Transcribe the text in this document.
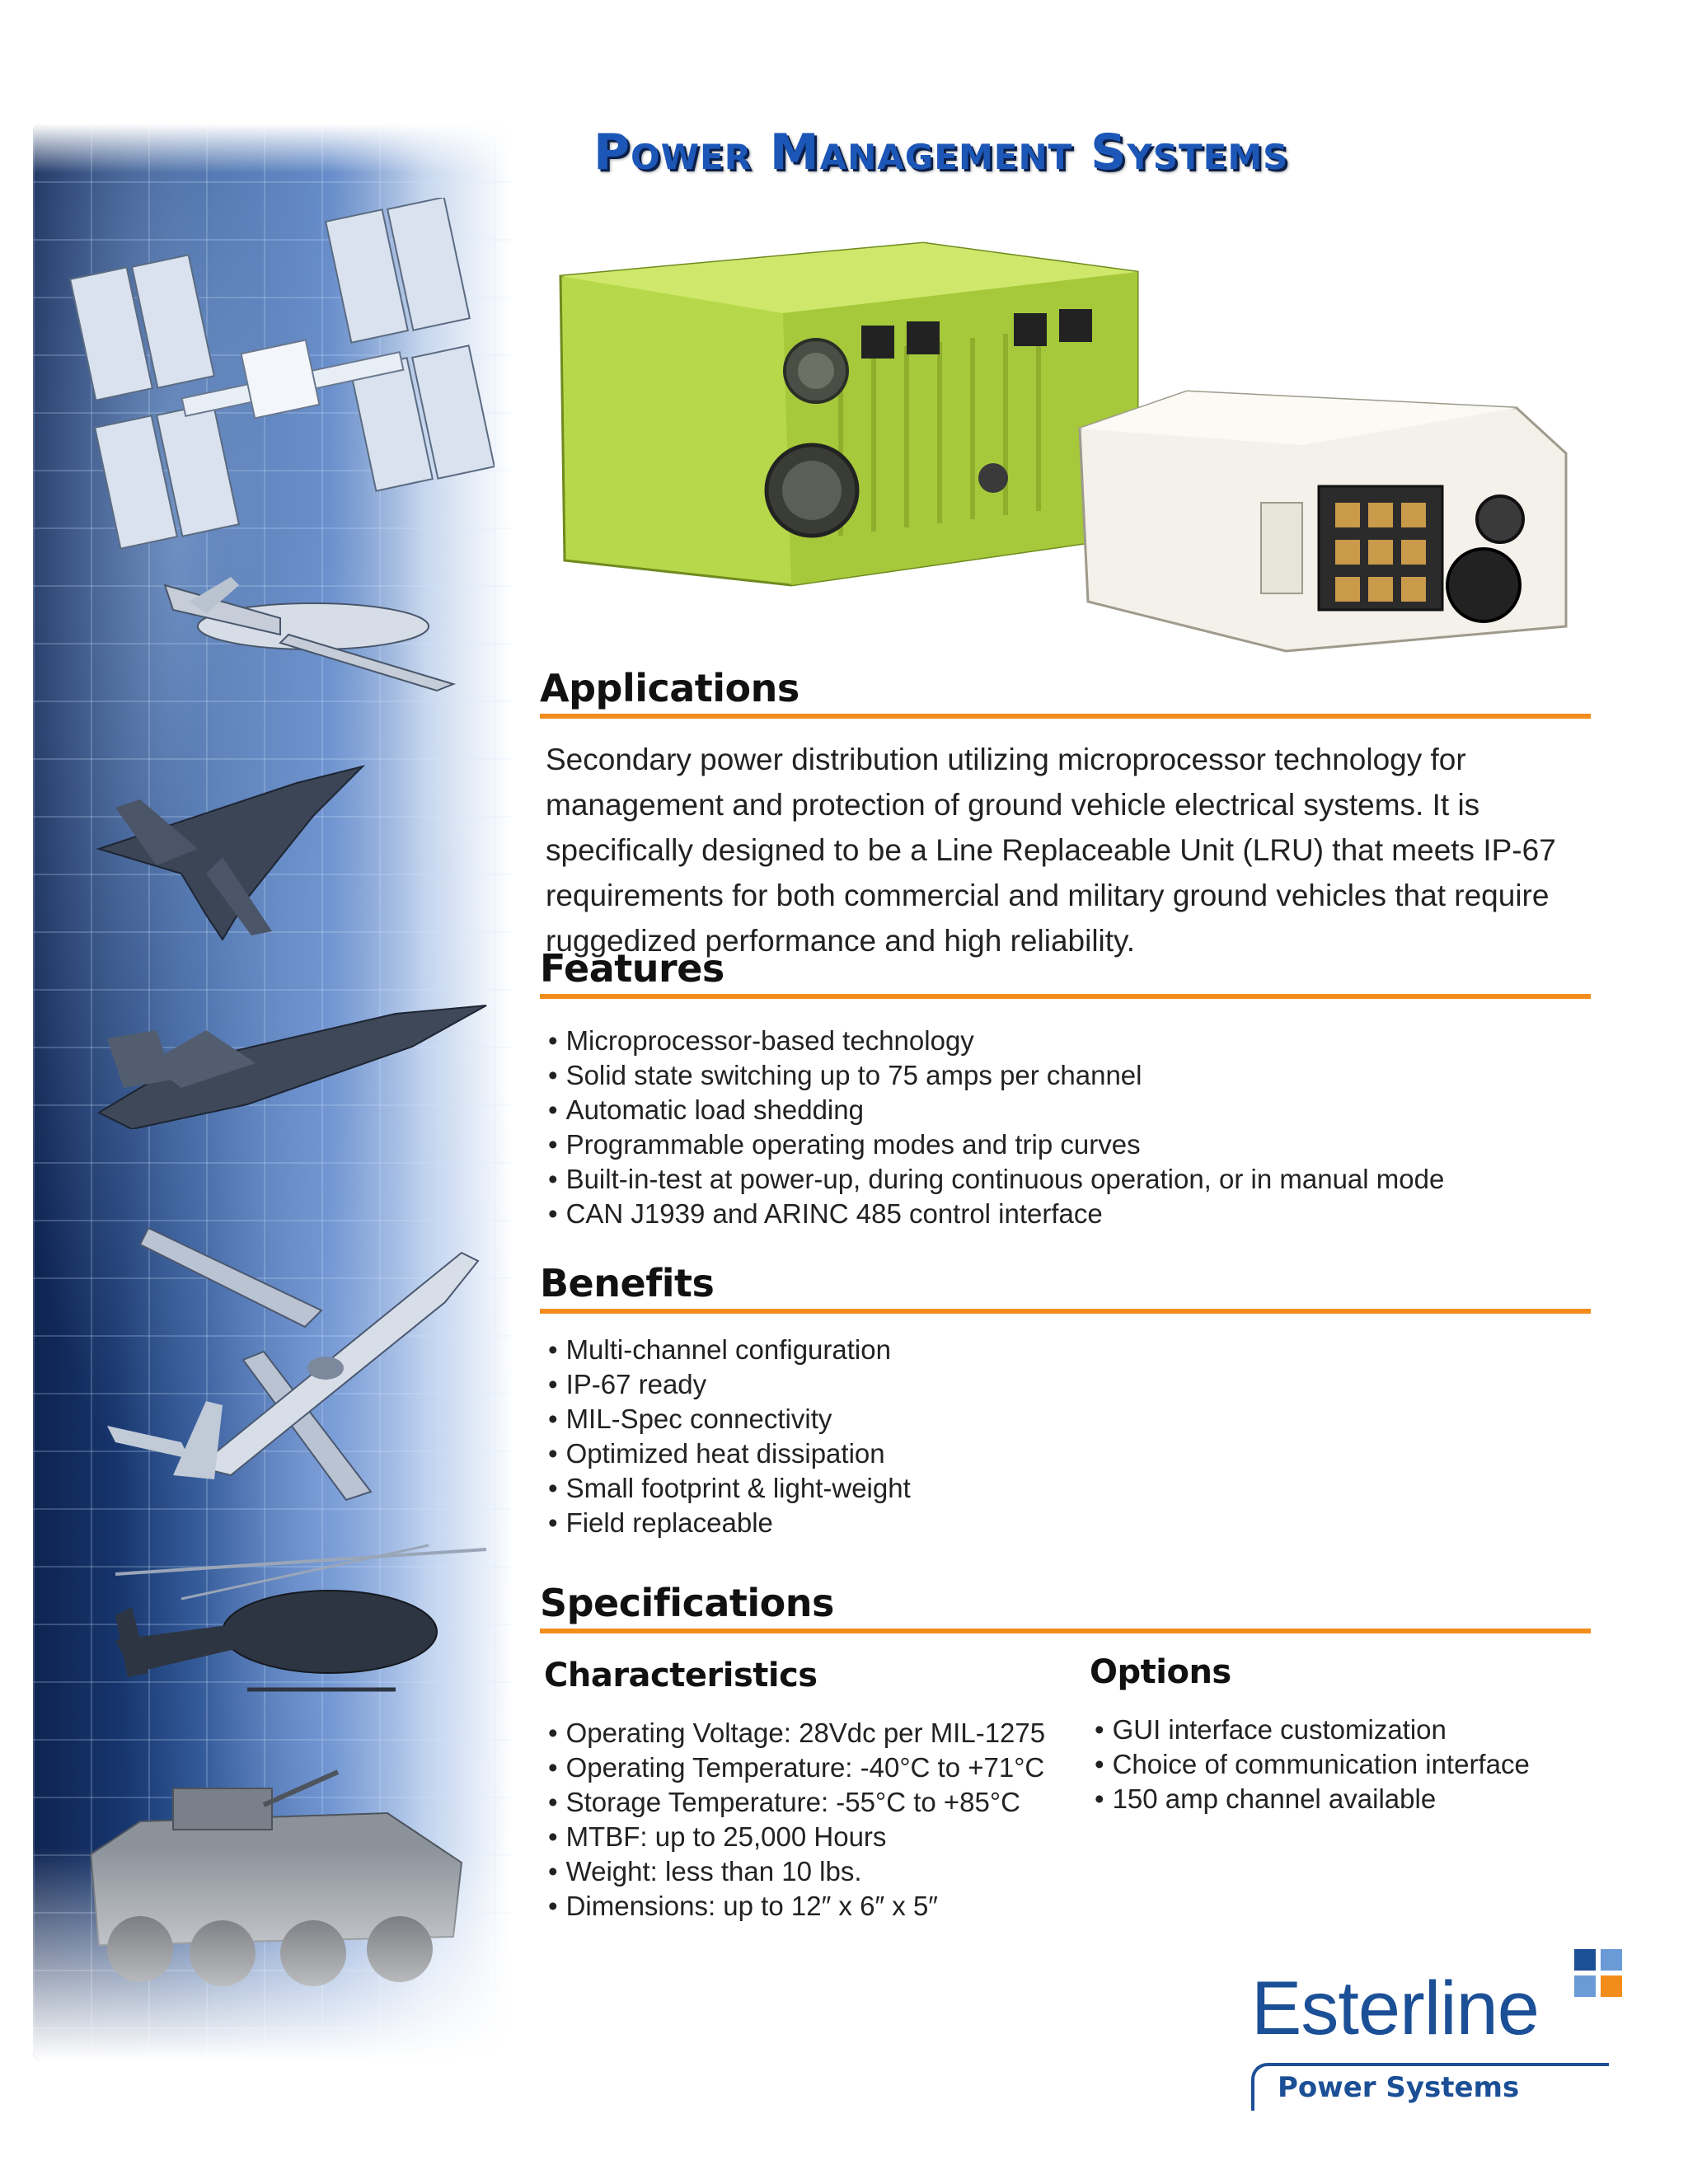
Power Management Systems
Applications
Secondary power distribution utilizing microprocessor technology for management and protection of ground vehicle electrical systems. It is specifically designed to be a Line Replaceable Unit (LRU) that meets IP-67 requirements for both commercial and military ground vehicles that require ruggedized performance and high reliability.
Features
• Microprocessor-based technology
• Solid state switching up to 75 amps per channel
• Automatic load shedding
• Programmable operating modes and trip curves
• Built-in-test at power-up, during continuous operation, or in manual mode
• CAN J1939 and ARINC 485 control interface
Benefits
• Multi-channel configuration
• IP-67 ready
• MIL-Spec connectivity
• Optimized heat dissipation
• Small footprint & light-weight
• Field replaceable
Specifications
Characteristics
• Operating Voltage: 28Vdc per MIL-1275
• Operating Temperature: -40°C to +71°C
• Storage Temperature: -55°C to +85°C
• MTBF: up to 25,000 Hours
• Weight: less than 10 lbs.
• Dimensions: up to 12″ x 6″ x 5″
Options
• GUI interface customization
• Choice of communication interface
• 150 amp channel available
Esterline
Power Systems
